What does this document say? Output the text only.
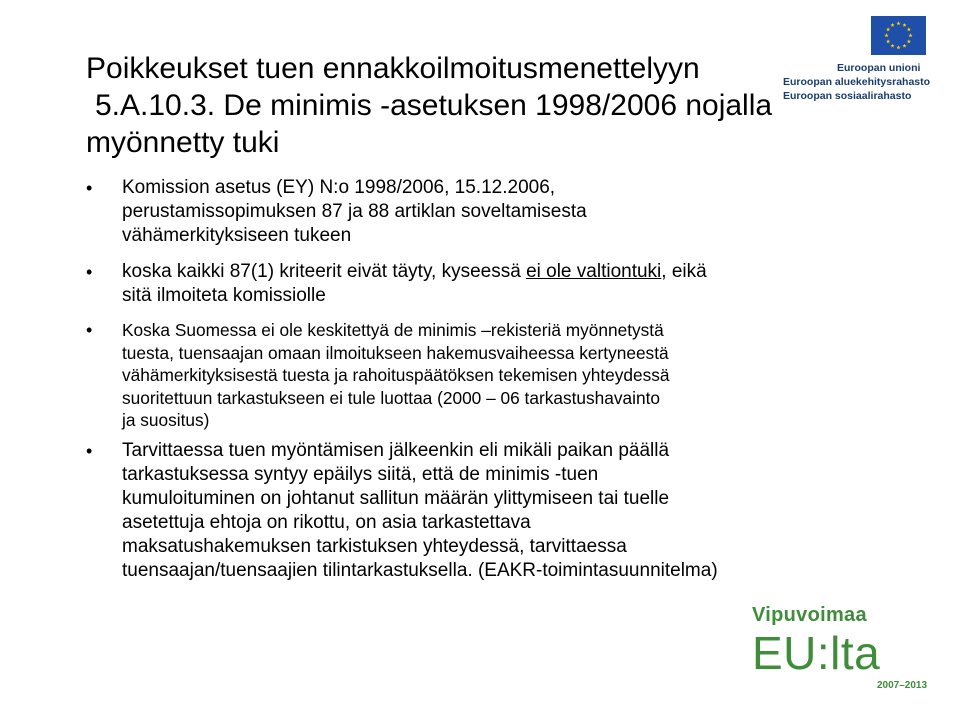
Poikkeukset tuen ennakkoilmoitusmenettelyyn
5.A.10.3. De minimis -asetuksen 1998/2006 nojalla
myönnetty tuki
Euroopan unioni
Euroopan aluekehitysrahasto
Euroopan sosiaalirahasto
• Komission asetus (EY) N:o 1998/2006, 15.12.2006,
perustamissopimuksen 87 ja 88 artiklan soveltamisesta
vähämerkityksiseen tukeen
• koska kaikki 87(1) kriteerit eivät täyty, kyseessä ei ole valtiontuki, eikä
sitä ilmoiteta komissiolle
• Koska Suomessa ei ole keskitettyä de minimis –rekisteriä myönnetystä
tuesta, tuensaajan omaan ilmoitukseen hakemusvaiheessa kertyneestä
vähämerkityksisestä tuesta ja rahoituspäätöksen tekemisen yhteydessä
suoritettuun tarkastukseen ei tule luottaa (2000 – 06 tarkastushavainto
ja suositus)
• Tarvittaessa tuen myöntämisen jälkeenkin eli mikäli paikan päällä
tarkastuksessa syntyy epäilys siitä, että de minimis -tuen
kumuloituminen on johtanut sallitun määrän ylittymiseen tai tuelle
asetettuja ehtoja on rikottu, on asia tarkastettava
maksatushakemuksen tarkistuksen yhteydessä, tarvittaessa
tuensaajan/tuensaajien tilintarkastuksella. (EAKR-toimintasuunnitelma)
Vipuvoimaa
EU:lta
2007–2013
